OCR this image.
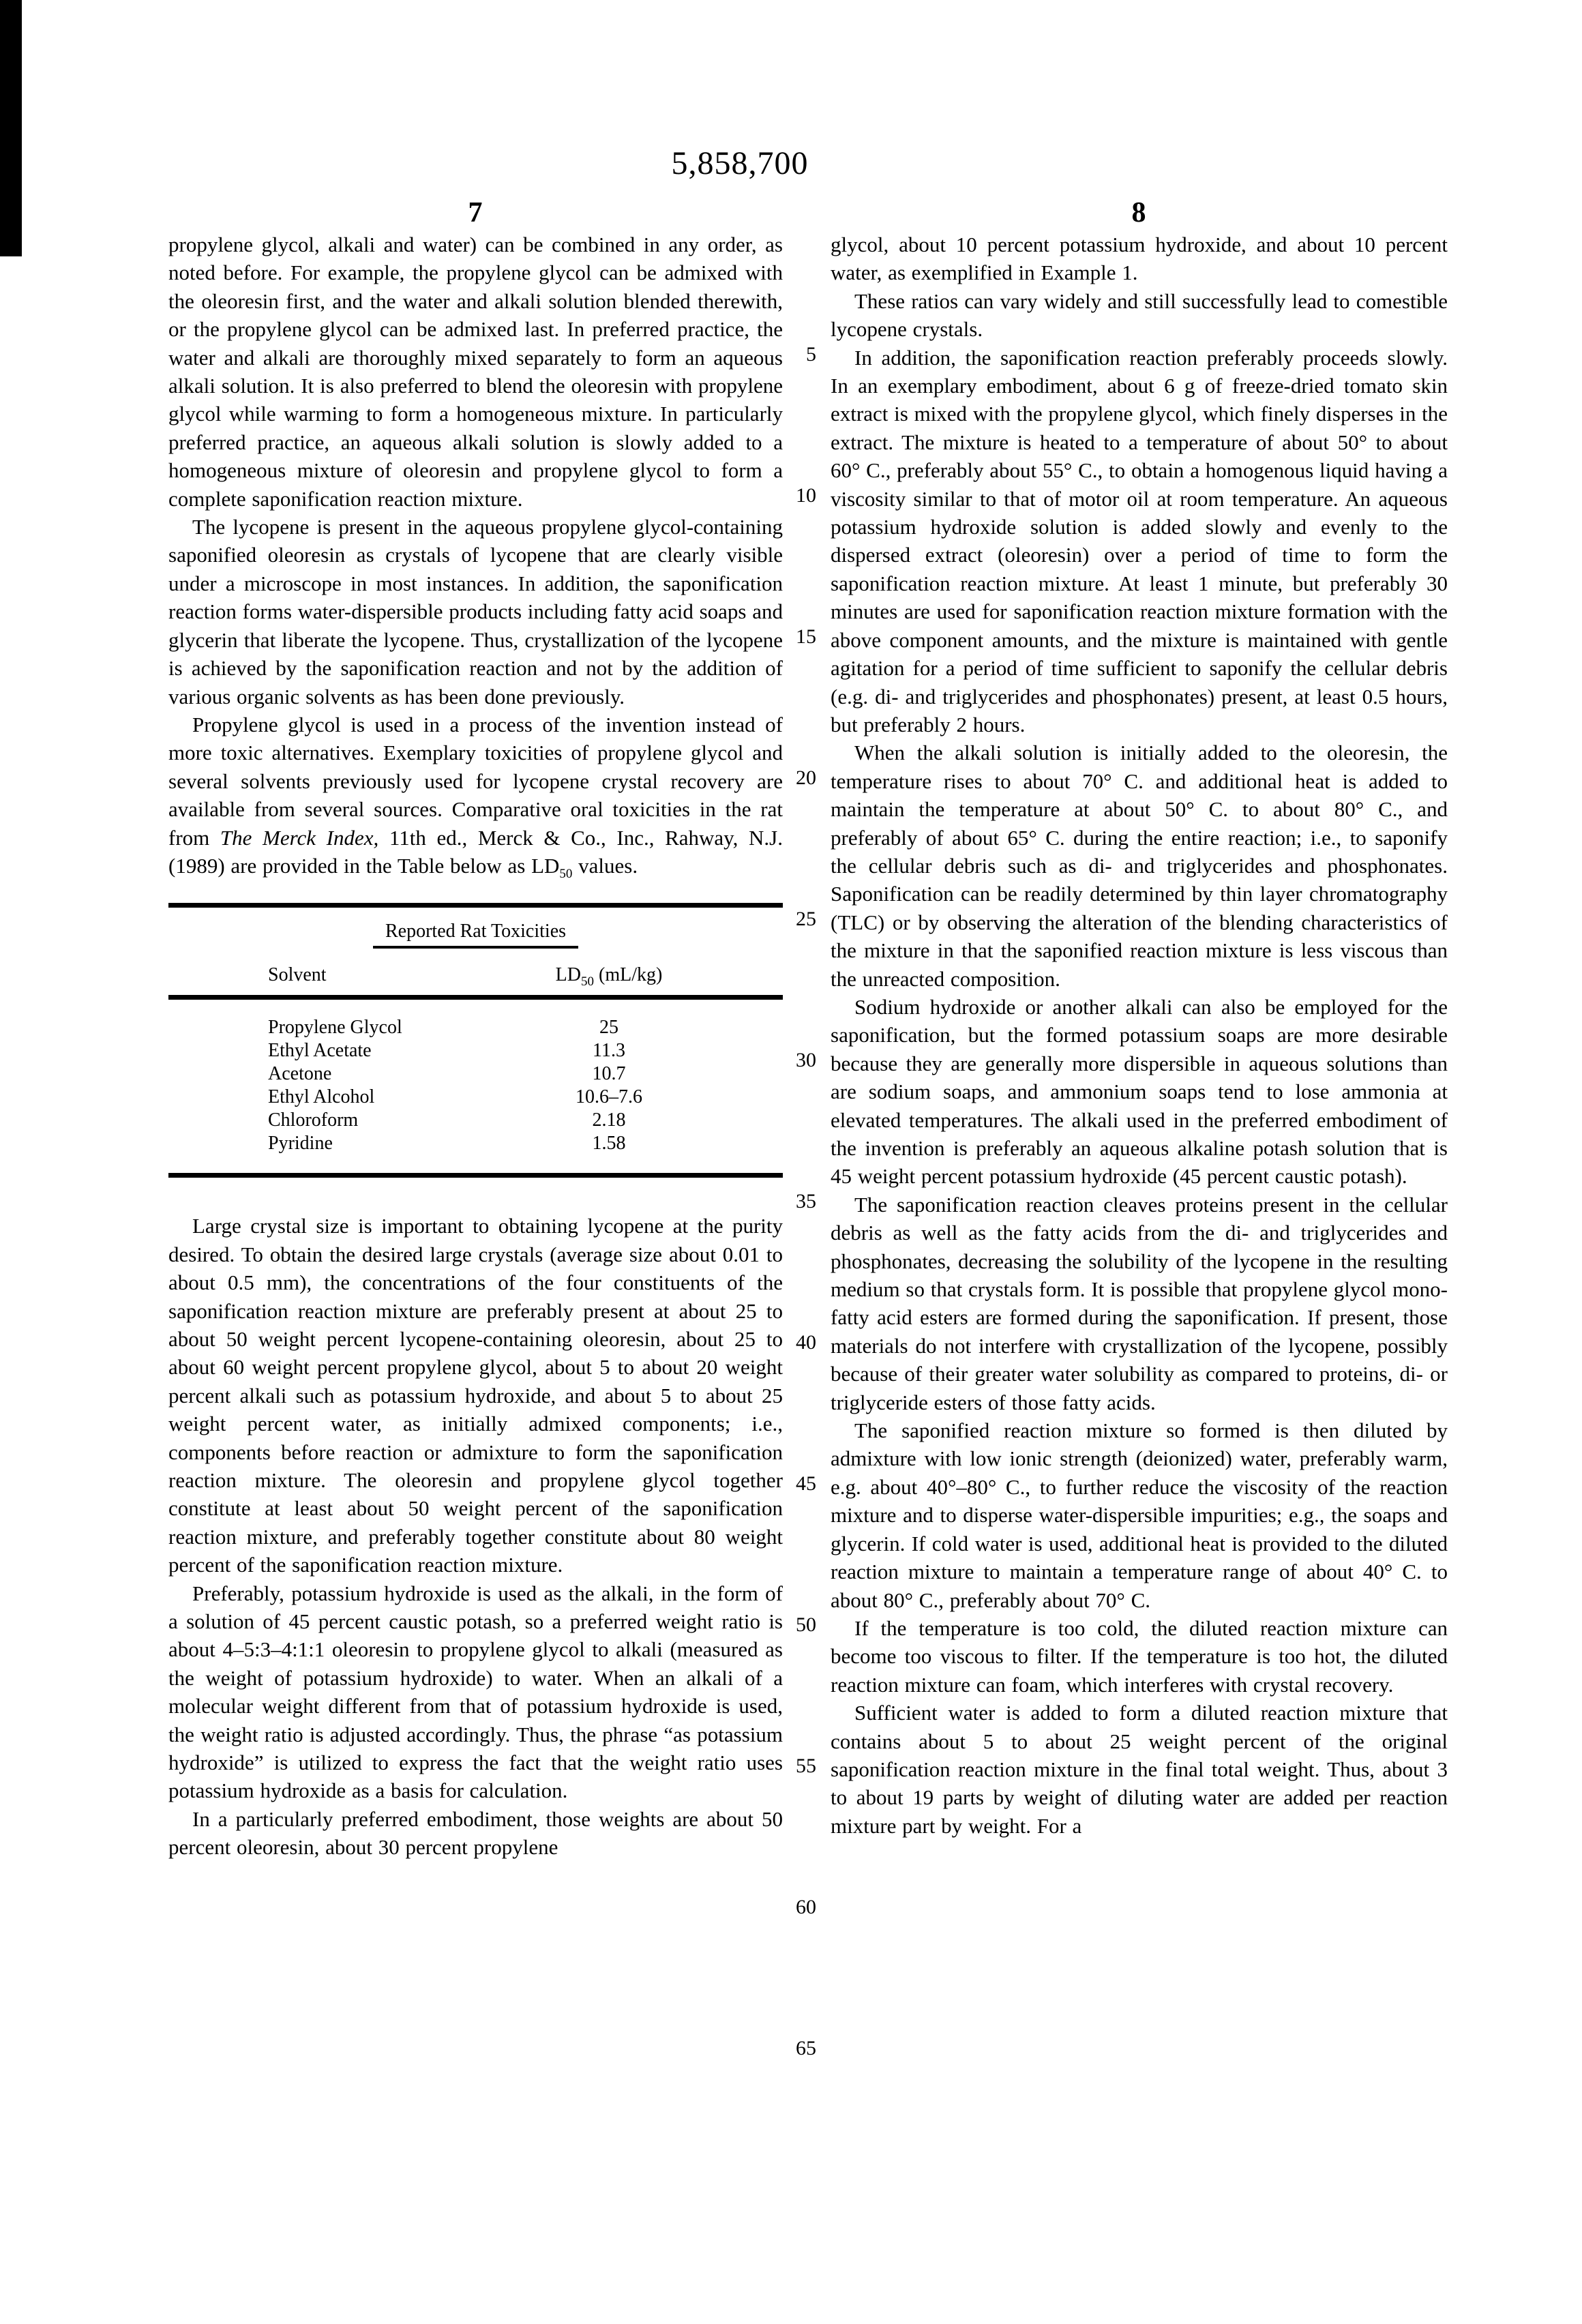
5,858,700
7	8
5
10
15
20
25
30
35
40
45
50
55
60
65

propylene glycol, alkali and water) can be combined in any order, as noted before. For example, the propylene glycol can be admixed with the oleoresin first, and the water and alkali solution blended therewith, or the propylene glycol can be admixed last. In preferred practice, the water and alkali are thoroughly mixed separately to form an aqueous alkali solution. It is also preferred to blend the oleoresin with propylene glycol while warming to form a homogeneous mixture. In particularly preferred practice, an aqueous alkali solution is slowly added to a homogeneous mixture of oleoresin and propylene glycol to form a complete saponification reaction mixture.

The lycopene is present in the aqueous propylene glycol-containing saponified oleoresin as crystals of lycopene that are clearly visible under a microscope in most instances. In addition, the saponification reaction forms water-dispersible products including fatty acid soaps and glycerin that liberate the lycopene. Thus, crystallization of the lycopene is achieved by the saponification reaction and not by the addition of various organic solvents as has been done previously.

Propylene glycol is used in a process of the invention instead of more toxic alternatives. Exemplary toxicities of propylene glycol and several solvents previously used for lycopene crystal recovery are available from several sources. Comparative oral toxicities in the rat from The Merck Index, 11th ed., Merck & Co., Inc., Rahway, N.J. (1989) are provided in the Table below as $LD_{50}$ values.

Reported Rat Toxicities
Solvent	$LD_{50}$ (mL/kg)
Propylene Glycol	25
Ethyl Acetate	11.3
Acetone	10.7
Ethyl Alcohol	10.6–7.6
Chloroform	2.18
Pyridine	1.58

Large crystal size is important to obtaining lycopene at the purity desired. To obtain the desired large crystals (average size about 0.01 to about 0.5 mm), the concentrations of the four constituents of the saponification reaction mixture are preferably present at about 25 to about 50 weight percent lycopene-containing oleoresin, about 25 to about 60 weight percent propylene glycol, about 5 to about 20 weight percent alkali such as potassium hydroxide, and about 5 to about 25 weight percent water, as initially admixed components; i.e., components before reaction or admixture to form the saponification reaction mixture. The oleoresin and propylene glycol together constitute at least about 50 weight percent of the saponification reaction mixture, and preferably together constitute about 80 weight percent of the saponification reaction mixture.

Preferably, potassium hydroxide is used as the alkali, in the form of a solution of 45 percent caustic potash, so a preferred weight ratio is about 4–5:3–4:1:1 oleoresin to propylene glycol to alkali (measured as the weight of potassium hydroxide) to water. When an alkali of a molecular weight different from that of potassium hydroxide is used, the weight ratio is adjusted accordingly. Thus, the phrase “as potassium hydroxide” is utilized to express the fact that the weight ratio uses potassium hydroxide as a basis for calculation.

In a particularly preferred embodiment, those weights are about 50 percent oleoresin, about 30 percent propylene

glycol, about 10 percent potassium hydroxide, and about 10 percent water, as exemplified in Example 1.

These ratios can vary widely and still successfully lead to comestible lycopene crystals.

In addition, the saponification reaction preferably proceeds slowly. In an exemplary embodiment, about 6 g of freeze-dried tomato skin extract is mixed with the propylene glycol, which finely disperses in the extract. The mixture is heated to a temperature of about 50° to about 60° C., preferably about 55° C., to obtain a homogenous liquid having a viscosity similar to that of motor oil at room temperature. An aqueous potassium hydroxide solution is added slowly and evenly to the dispersed extract (oleoresin) over a period of time to form the saponification reaction mixture. At least 1 minute, but preferably 30 minutes are used for saponification reaction mixture formation with the above component amounts, and the mixture is maintained with gentle agitation for a period of time sufficient to saponify the cellular debris (e.g. di- and triglycerides and phosphonates) present, at least 0.5 hours, but preferably 2 hours.

When the alkali solution is initially added to the oleoresin, the temperature rises to about 70° C. and additional heat is added to maintain the temperature at about 50° C. to about 80° C., and preferably of about 65° C. during the entire reaction; i.e., to saponify the cellular debris such as di- and triglycerides and phosphonates. Saponification can be readily determined by thin layer chromatography (TLC) or by observing the alteration of the blending characteristics of the mixture in that the saponified reaction mixture is less viscous than the unreacted composition.

Sodium hydroxide or another alkali can also be employed for the saponification, but the formed potassium soaps are more desirable because they are generally more dispersible in aqueous solutions than are sodium soaps, and ammonium soaps tend to lose ammonia at elevated temperatures. The alkali used in the preferred embodiment of the invention is preferably an aqueous alkaline potash solution that is 45 weight percent potassium hydroxide (45 percent caustic potash).

The saponification reaction cleaves proteins present in the cellular debris as well as the fatty acids from the di- and triglycerides and phosphonates, decreasing the solubility of the lycopene in the resulting medium so that crystals form. It is possible that propylene glycol mono-fatty acid esters are formed during the saponification. If present, those materials do not interfere with crystallization of the lycopene, possibly because of their greater water solubility as compared to proteins, di- or triglyceride esters of those fatty acids.

The saponified reaction mixture so formed is then diluted by admixture with low ionic strength (deionized) water, preferably warm, e.g. about 40°–80° C., to further reduce the viscosity of the reaction mixture and to disperse water-dispersible impurities; e.g., the soaps and glycerin. If cold water is used, additional heat is provided to the diluted reaction mixture to maintain a temperature range of about 40° C. to about 80° C., preferably about 70° C.

If the temperature is too cold, the diluted reaction mixture can become too viscous to filter. If the temperature is too hot, the diluted reaction mixture can foam, which interferes with crystal recovery.

Sufficient water is added to form a diluted reaction mixture that contains about 5 to about 25 weight percent of the original saponification reaction mixture in the final total weight. Thus, about 3 to about 19 parts by weight of diluting water are added per reaction mixture part by weight. For a
